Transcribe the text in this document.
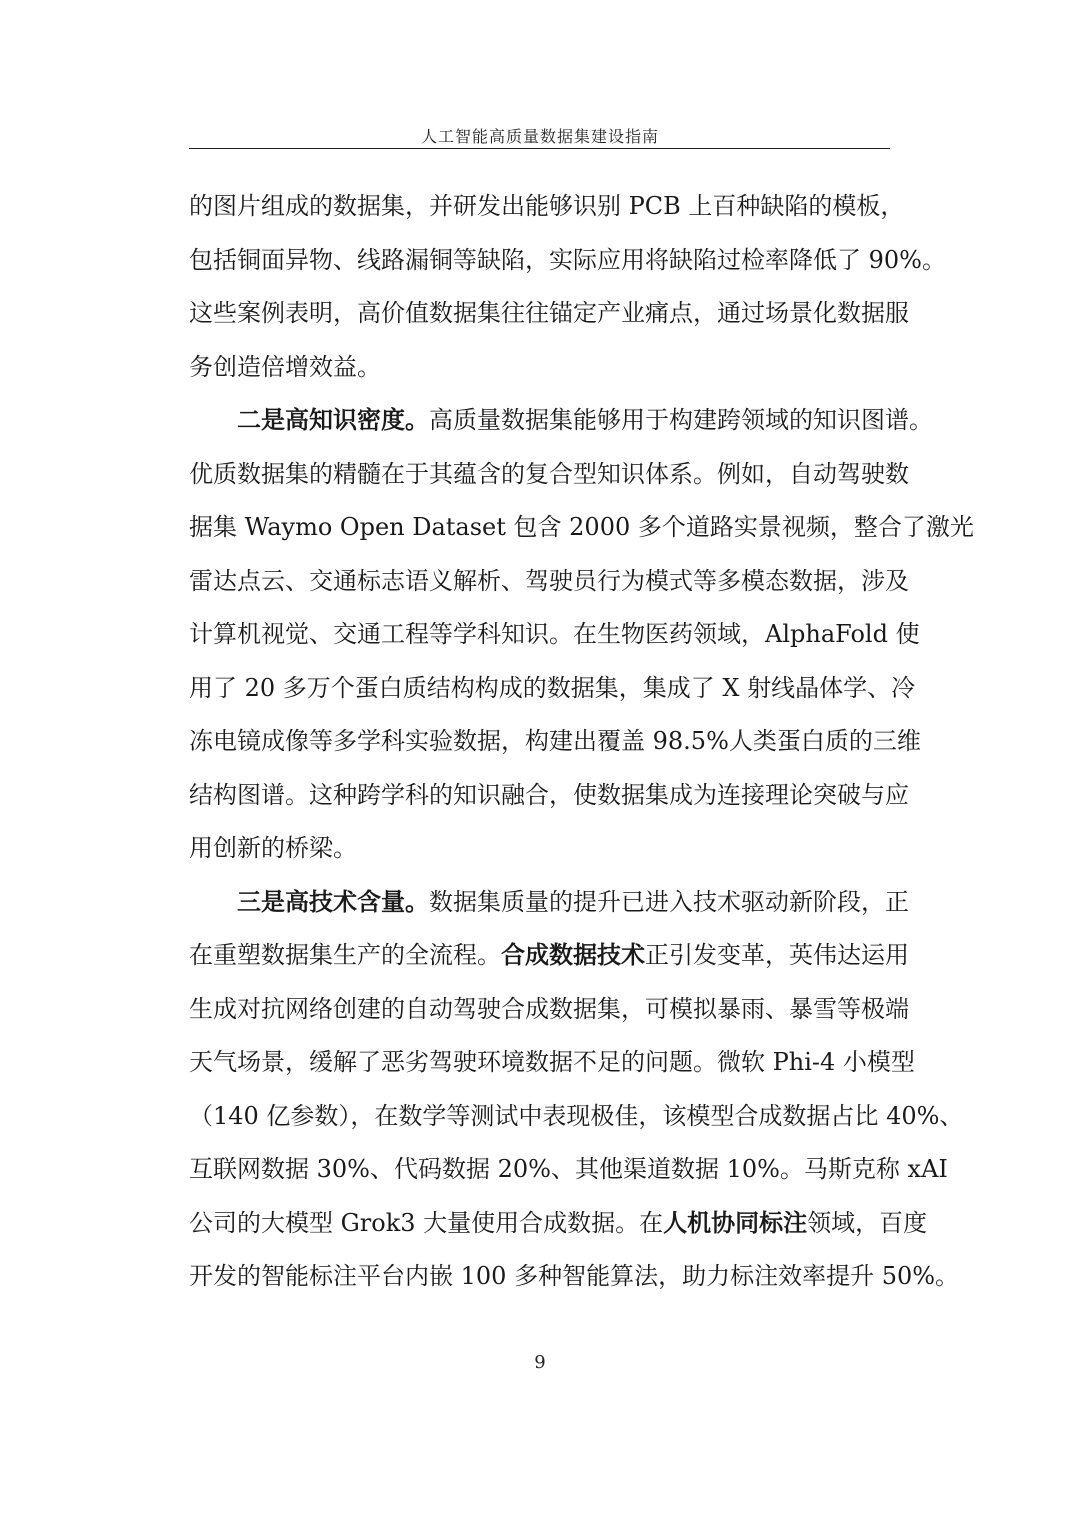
人工智能高质量数据集建设指南
的图片组成的数据集，并研发出能够识别 PCB 上百种缺陷的模板，
包括铜面异物、线路漏铜等缺陷，实际应用将缺陷过检率降低了 90%。
这些案例表明，高价值数据集往往锚定产业痛点，通过场景化数据服
务创造倍增效益。
二是高知识密度。高质量数据集能够用于构建跨领域的知识图谱。
优质数据集的精髓在于其蕴含的复合型知识体系。例如，自动驾驶数
据集 Waymo Open Dataset 包含 2000 多个道路实景视频，整合了激光
雷达点云、交通标志语义解析、驾驶员行为模式等多模态数据，涉及
计算机视觉、交通工程等学科知识。在生物医药领域，AlphaFold 使
用了 20 多万个蛋白质结构构成的数据集，集成了 X 射线晶体学、冷
冻电镜成像等多学科实验数据，构建出覆盖 98.5%人类蛋白质的三维
结构图谱。这种跨学科的知识融合，使数据集成为连接理论突破与应
用创新的桥梁。
三是高技术含量。数据集质量的提升已进入技术驱动新阶段，正
在重塑数据集生产的全流程。合成数据技术正引发变革，英伟达运用
生成对抗网络创建的自动驾驶合成数据集，可模拟暴雨、暴雪等极端
天气场景，缓解了恶劣驾驶环境数据不足的问题。微软 Phi-4 小模型
（140 亿参数），在数学等测试中表现极佳，该模型合成数据占比 40%、
互联网数据 30%、代码数据 20%、其他渠道数据 10%。马斯克称 xAI
公司的大模型 Grok3 大量使用合成数据。在人机协同标注领域，百度
开发的智能标注平台内嵌 100 多种智能算法，助力标注效率提升 50%。
9
